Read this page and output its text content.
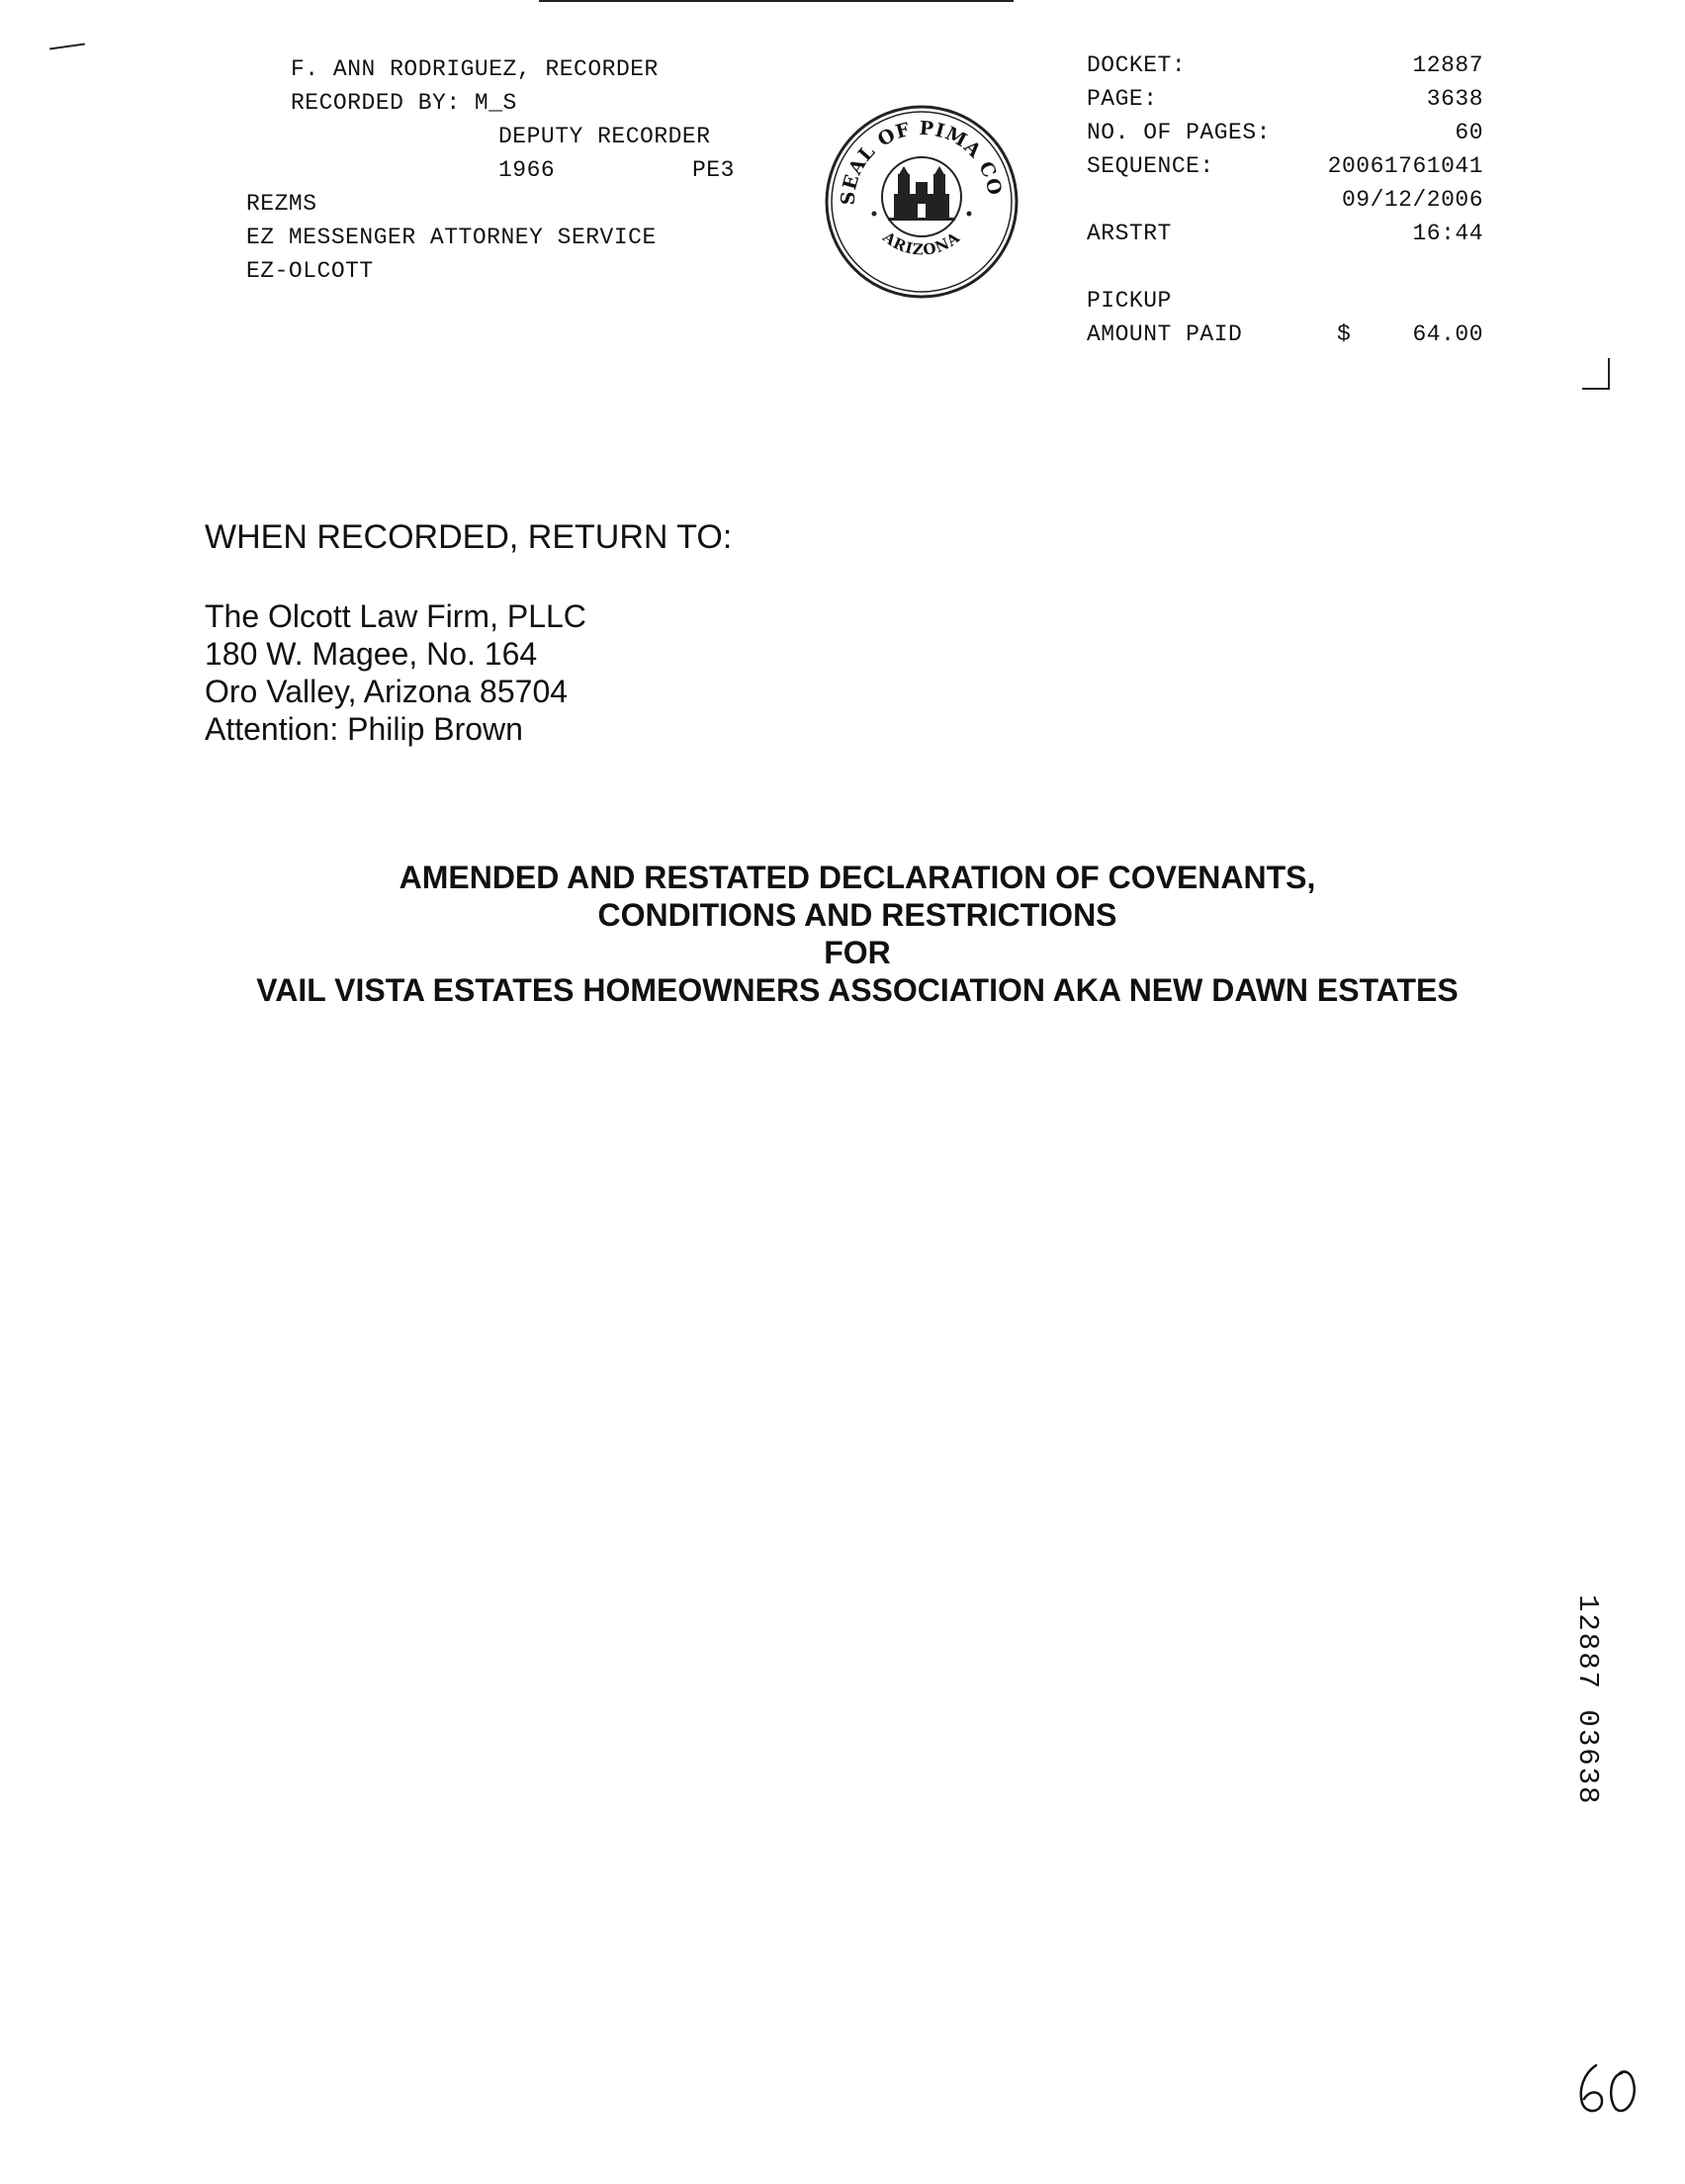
F. ANN RODRIGUEZ, RECORDER
RECORDED BY: M_S
DEPUTY RECORDER
1966	PE3
REZMS
EZ MESSENGER ATTORNEY SERVICE
EZ-OLCOTT
SEAL OF PIMA CO
ARIZONA
DOCKET:	12887
PAGE:	3638
NO. OF PAGES:	60
SEQUENCE:	20061761041
09/12/2006
ARSTRT	16:44
PICKUP
AMOUNT PAID	$	64.00
WHEN RECORDED, RETURN TO:
The Olcott Law Firm, PLLC
180 W. Magee, No. 164
Oro Valley, Arizona 85704
Attention: Philip Brown
AMENDED AND RESTATED DECLARATION OF COVENANTS,
CONDITIONS AND RESTRICTIONS
FOR
VAIL VISTA ESTATES HOMEOWNERS ASSOCIATION AKA NEW DAWN ESTATES
12887 03638
